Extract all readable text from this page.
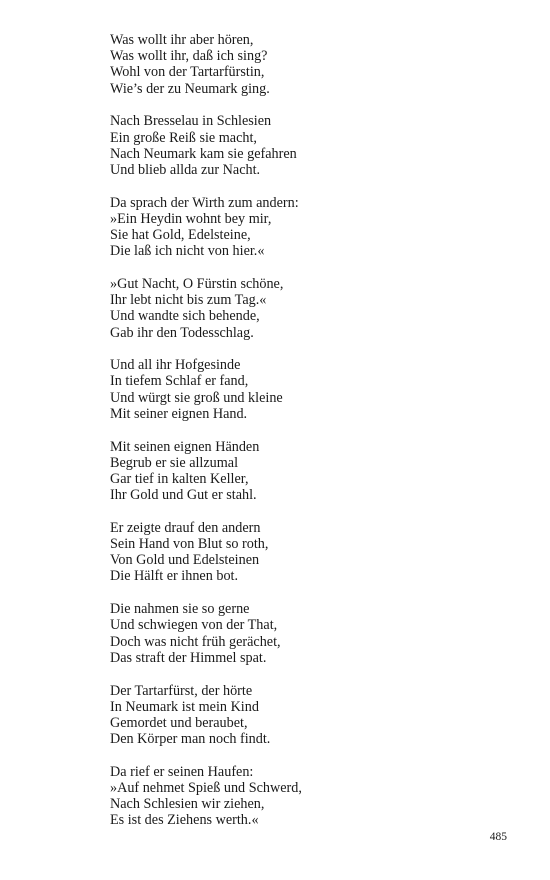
Was wollt ihr aber hören,
Was wollt ihr, daß ich sing?
Wohl von der Tartarfürstin,
Wie’s der zu Neumark ging.
Nach Bresselau in Schlesien
Ein große Reiß sie macht,
Nach Neumark kam sie gefahren
Und blieb allda zur Nacht.
Da sprach der Wirth zum andern:
»Ein Heydin wohnt bey mir,
Sie hat Gold, Edelsteine,
Die laß ich nicht von hier.«
»Gut Nacht, O Fürstin schöne,
Ihr lebt nicht bis zum Tag.«
Und wandte sich behende,
Gab ihr den Todesschlag.
Und all ihr Hofgesinde
In tiefem Schlaf er fand,
Und würgt sie groß und kleine
Mit seiner eignen Hand.
Mit seinen eignen Händen
Begrub er sie allzumal
Gar tief in kalten Keller,
Ihr Gold und Gut er stahl.
Er zeigte drauf den andern
Sein Hand von Blut so roth,
Von Gold und Edelsteinen
Die Hälft er ihnen bot.
Die nahmen sie so gerne
Und schwiegen von der That,
Doch was nicht früh gerächet,
Das straft der Himmel spat.
Der Tartarfürst, der hörte
In Neumark ist mein Kind
Gemordet und beraubet,
Den Körper man noch findt.
Da rief er seinen Haufen:
»Auf nehmet Spieß und Schwerd,
Nach Schlesien wir ziehen,
Es ist des Ziehens werth.«
485
